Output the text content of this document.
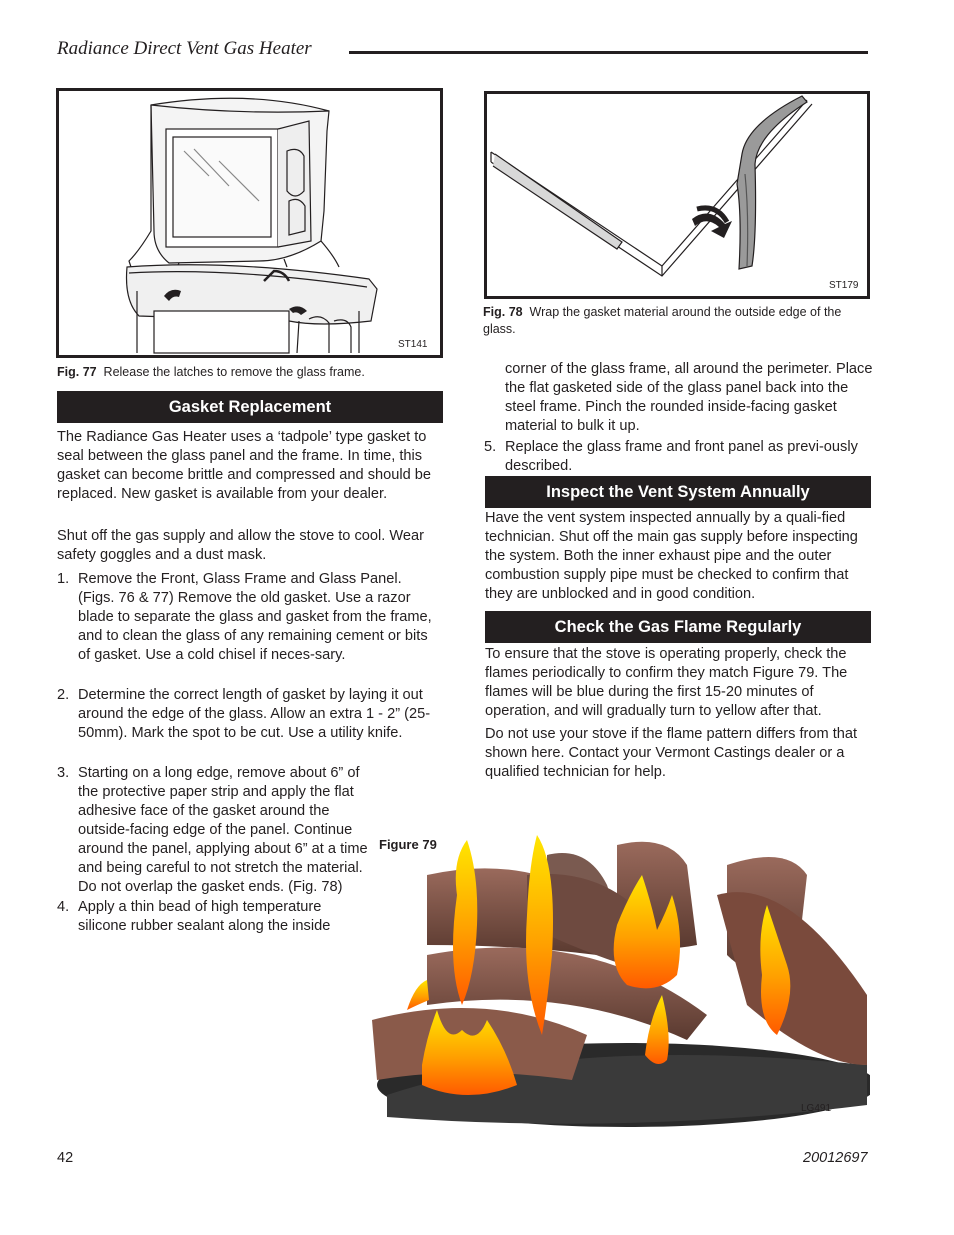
Radiance Direct Vent Gas Heater
ST141
Fig. 77 Release the latches to remove the glass frame.
ST179
Fig. 78 Wrap the gasket material around the outside edge of the glass.
Gasket Replacement
The Radiance Gas Heater uses a ‘tadpole’ type gasket to seal between the glass panel and the frame. In time, this gasket can become brittle and compressed and should be replaced. New gasket is available from your dealer.
Shut off the gas supply and allow the stove to cool. Wear safety goggles and a dust mask.
1. Remove the Front, Glass Frame and Glass Panel. (Figs. 76 & 77) Remove the old gasket. Use a razor blade to separate the glass and gasket from the frame, and to clean the glass of any remaining cement or bits of gasket. Use a cold chisel if neces-sary.
2. Determine the correct length of gasket by laying it out around the edge of the glass. Allow an extra 1 - 2” (25-50mm). Mark the spot to be cut. Use a utility knife.
3. Starting on a long edge, remove about 6” of the protective paper strip and apply the flat adhesive face of the gasket around the outside-facing edge of the panel. Continue around the panel, applying about 6” at a time and being careful to not stretch the material. Do not overlap the gasket ends. (Fig. 78)
4. Apply a thin bead of high temperature silicone rubber sealant along the inside
corner of the glass frame, all around the perimeter. Place the flat gasketed side of the glass panel back into the steel frame. Pinch the rounded inside-facing gasket material to bulk it up.
5. Replace the glass frame and front panel as previ-ously described.
Inspect the Vent System Annually
Have the vent system inspected annually by a quali-fied technician. Shut off the main gas supply before inspecting the system. Both the inner exhaust pipe and the outer combustion supply pipe must be checked to confirm that they are unblocked and in good condition.
Check the Gas Flame Regularly
To ensure that the stove is operating properly, check the flames periodically to confirm they match Figure 79. The flames will be blue during the first 15-20 minutes of operation, and will gradually turn to yellow after that.
Do not use your stove if the flame pattern differs from that shown here. Contact your Vermont Castings dealer or a qualified technician for help.
Figure 79
LG491
42	20012697
